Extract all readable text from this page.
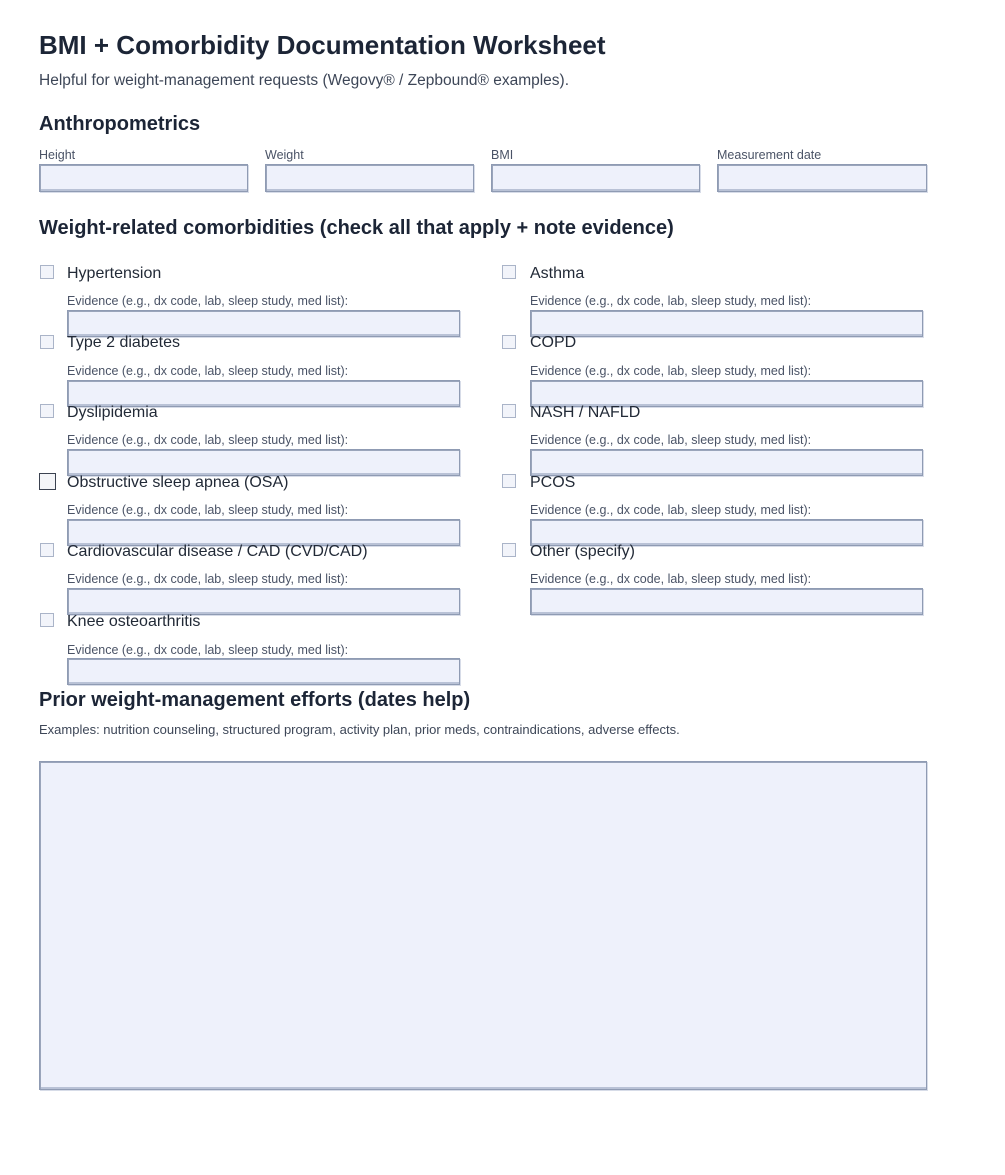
BMI + Comorbidity Documentation Worksheet
Helpful for weight-management requests (Wegovy® / Zepbound® examples).
Anthropometrics
Height	Weight	BMI	Measurement date
Weight-related comorbidities (check all that apply + note evidence)
Hypertension
Evidence (e.g., dx code, lab, sleep study, med list):
Type 2 diabetes
Evidence (e.g., dx code, lab, sleep study, med list):
Dyslipidemia
Evidence (e.g., dx code, lab, sleep study, med list):
Obstructive sleep apnea (OSA)
Evidence (e.g., dx code, lab, sleep study, med list):
Cardiovascular disease / CAD (CVD/CAD)
Evidence (e.g., dx code, lab, sleep study, med list):
Knee osteoarthritis
Evidence (e.g., dx code, lab, sleep study, med list):
Asthma
Evidence (e.g., dx code, lab, sleep study, med list):
COPD
Evidence (e.g., dx code, lab, sleep study, med list):
NASH / NAFLD
Evidence (e.g., dx code, lab, sleep study, med list):
PCOS
Evidence (e.g., dx code, lab, sleep study, med list):
Other (specify)
Evidence (e.g., dx code, lab, sleep study, med list):
Prior weight-management efforts (dates help)
Examples: nutrition counseling, structured program, activity plan, prior meds, contraindications, adverse effects.
